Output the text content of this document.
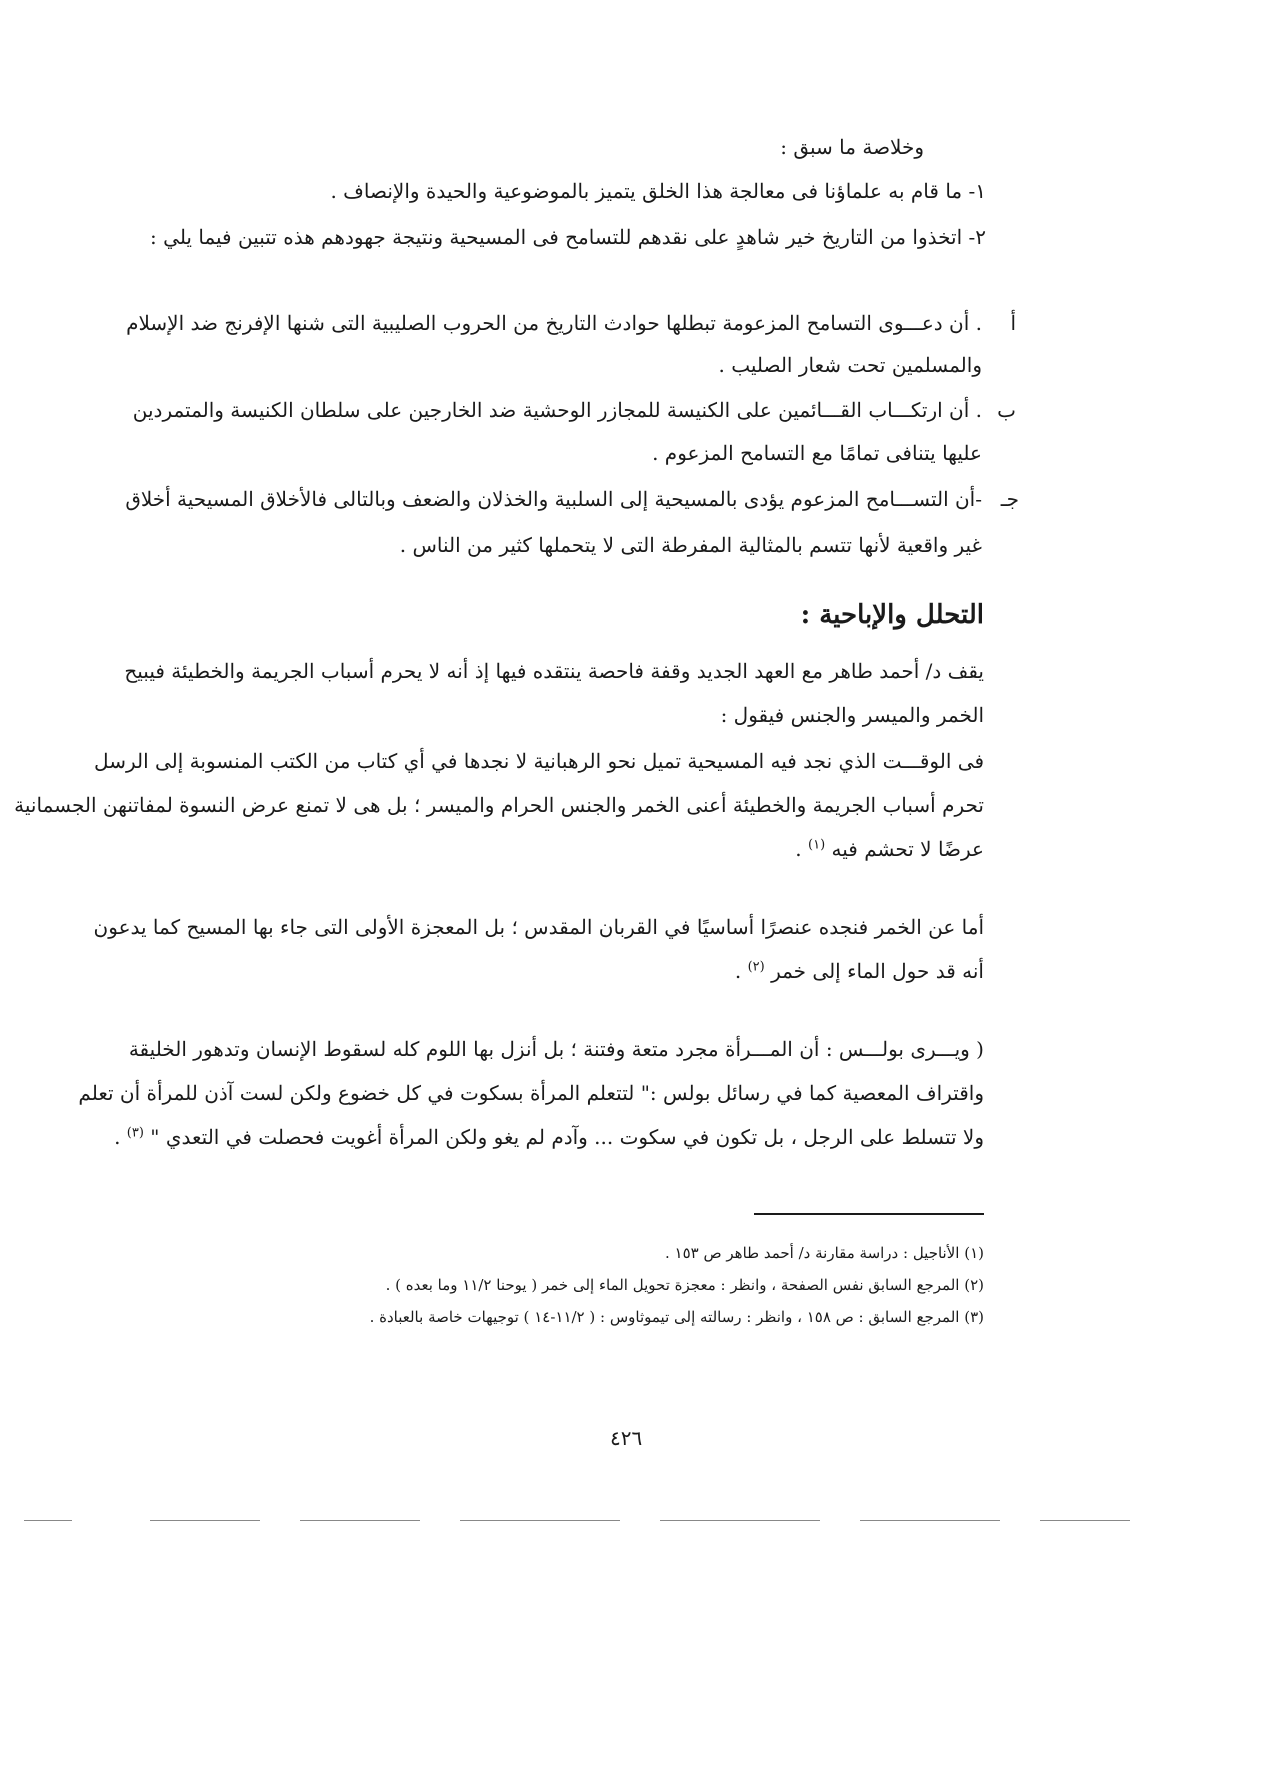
وخلاصة ما سبق :
١- ما قام به علماؤنا فى معالجة هذا الخلق يتميز بالموضوعية والحيدة والإنصاف .
٢- اتخذوا من التاريخ خير شاهدٍ على نقدهم للتسامح فى المسيحية ونتيجة جهودهم هذه تتبين فيما يلي :
أ
. أن دعـــوى التسامح المزعومة تبطلها حوادث التاريخ من الحروب الصليبية التى شنها الإفرنج ضد الإسلام
والمسلمين تحت شعار الصليب .
ب
. أن ارتكـــاب القـــائمين على الكنيسة للمجازر الوحشية ضد الخارجين على سلطان الكنيسة والمتمردين
عليها يتنافى تمامًا مع التسامح المزعوم .
جـ
-أن التســـامح المزعوم يؤدى بالمسيحية إلى السلبية والخذلان والضعف وبالتالى فالأخلاق المسيحية أخلاق
غير واقعية لأنها تتسم بالمثالية المفرطة التى لا يتحملها كثير من الناس .
التحلل والإباحية :
يقف د/ أحمد طاهر مع العهد الجديد وقفة فاحصة ينتقده فيها إذ أنه لا يحرم أسباب الجريمة والخطيئة فيبيح
الخمر والميسر والجنس فيقول :
فى الوقـــت الذي نجد فيه المسيحية تميل نحو الرهبانية لا نجدها في أي كتاب من الكتب المنسوبة إلى الرسل
تحرم أسباب الجريمة والخطيئة أعنى الخمر والجنس الحرام والميسر ؛ بل هى لا تمنع عرض النسوة لمفاتنهن الجسمانية
عرضًا لا تحشم فيه $^{(١)}$ .
أما عن الخمر فنجده عنصرًا أساسيًا في القربان المقدس ؛ بل المعجزة الأولى التى جاء بها المسيح كما يدعون
أنه قد حول الماء إلى خمر $^{(٢)}$ .
( ويـــرى بولـــس : أن المـــرأة مجرد متعة وفتنة ؛ بل أنزل بها اللوم كله لسقوط الإنسان وتدهور الخليقة
واقتراف المعصية كما في رسائل بولس :" لتتعلم المرأة بسكوت في كل خضوع ولكن لست آذن للمرأة أن تعلم
ولا تتسلط على الرجل ، بل تكون في سكوت ... وآدم لم يغو ولكن المرأة أغويت فحصلت في التعدي " $^{(٣)}$ .
(١) الأناجيل : دراسة مقارنة د/ أحمد طاهر ص ١٥٣ .
(٢) المرجع السابق نفس الصفحة ، وانظر : معجزة تحويل الماء إلى خمر ( يوحنا ١١/٢ وما بعده ) .
(٣) المرجع السابق : ص ١٥٨ ، وانظر : رسالته إلى تيموثاوس : ( ١١/٢-١٤ ) توجيهات خاصة بالعبادة .
٤٢٦
